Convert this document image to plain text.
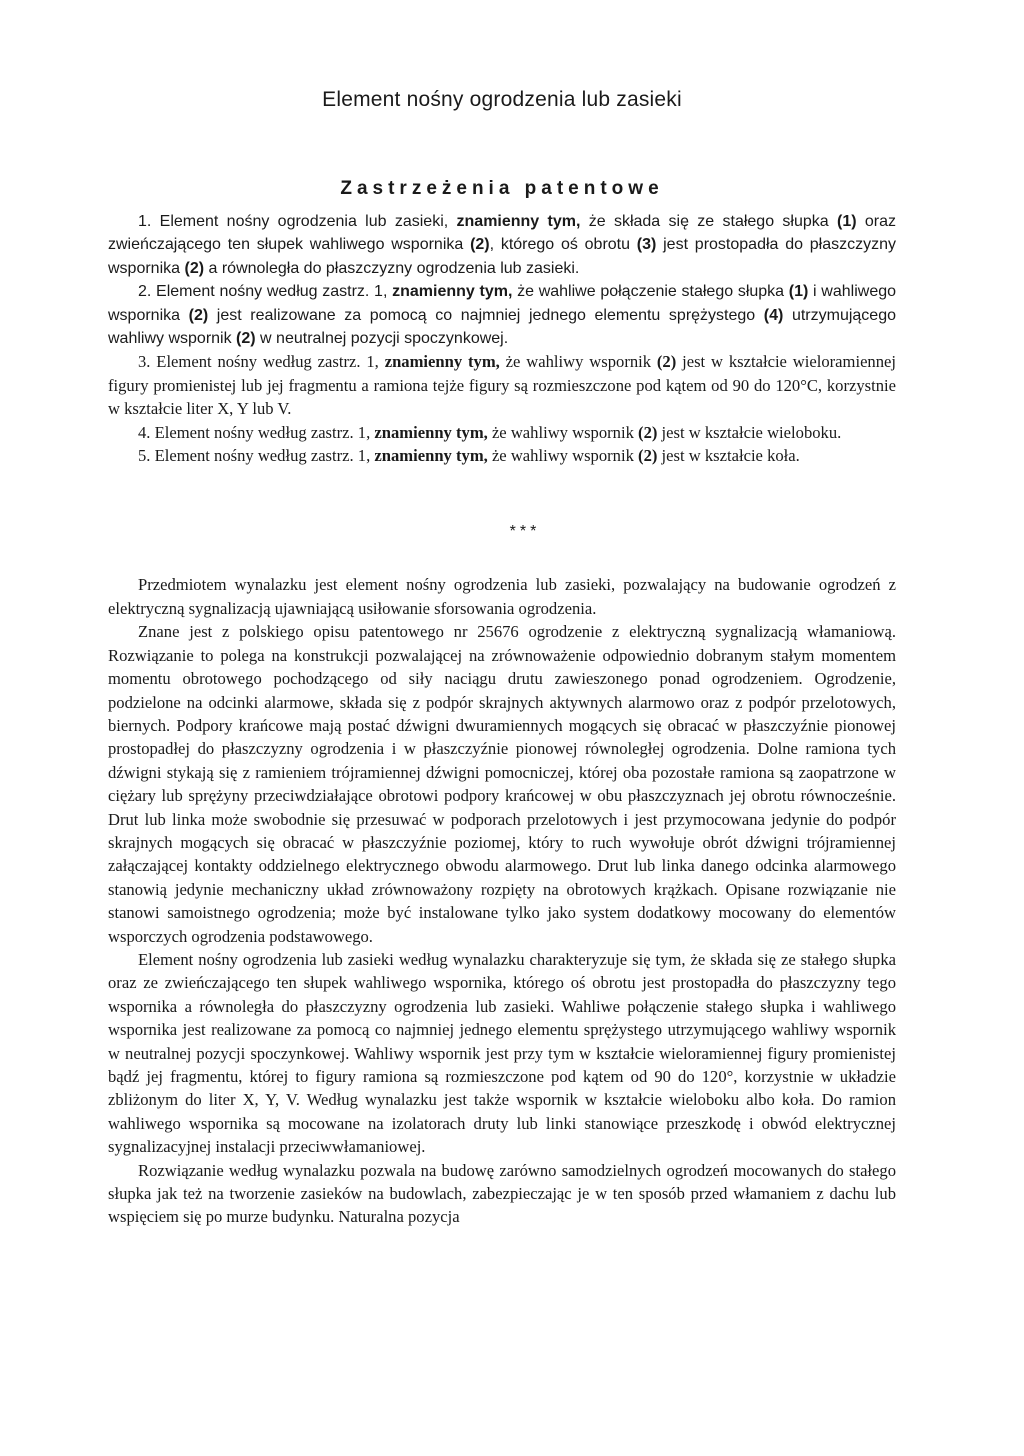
Element nośny ogrodzenia lub zasieki
Zastrzeżenia patentowe

1. Element nośny ogrodzenia lub zasieki, znamienny tym, że składa się ze stałego słupka (1) oraz zwieńczającego ten słupek wahliwego wspornika (2), którego oś obrotu (3) jest prostopadła do płaszczyzny wspornika (2) a równoległa do płaszczyzny ogrodzenia lub zasieki.

2. Element nośny według zastrz. 1, znamienny tym, że wahliwe połączenie stałego słupka (1) i wahliwego wspornika (2) jest realizowane za pomocą co najmniej jednego elementu sprężystego (4) utrzymującego wahliwy wspornik (2) w neutralnej pozycji spoczynkowej.

3. Element nośny według zastrz. 1, znamienny tym, że wahliwy wspornik (2) jest w kształcie wieloramiennej figury promienistej lub jej fragmentu a ramiona tejże figury są rozmieszczone pod kątem od 90 do 120°C, korzystnie w kształcie liter X, Y lub V.

4. Element nośny według zastrz. 1, znamienny tym, że wahliwy wspornik (2) jest w kształcie wieloboku.

5. Element nośny według zastrz. 1, znamienny tym, że wahliwy wspornik (2) jest w kształcie koła.

***

Przedmiotem wynalazku jest element nośny ogrodzenia lub zasieki, pozwalający na budowanie ogrodzeń z elektryczną sygnalizacją ujawniającą usiłowanie sforsowania ogrodzenia.

Znane jest z polskiego opisu patentowego nr 25676 ogrodzenie z elektryczną sygnalizacją włamaniową. Rozwiązanie to polega na konstrukcji pozwalającej na zrównoważenie odpowiednio dobranym stałym momentem momentu obrotowego pochodzącego od siły naciągu drutu zawieszonego ponad ogrodzeniem. Ogrodzenie, podzielone na odcinki alarmowe, składa się z podpór skrajnych aktywnych alarmowo oraz z podpór przelotowych, biernych. Podpory krańcowe mają postać dźwigni dwuramiennych mogących się obracać w płaszczyźnie pionowej prostopadłej do płaszczyzny ogrodzenia i w płaszczyźnie pionowej równoległej ogrodzenia. Dolne ramiona tych dźwigni stykają się z ramieniem trójramiennej dźwigni pomocniczej, której oba pozostałe ramiona są zaopatrzone w ciężary lub sprężyny przeciwdziałające obrotowi podpory krańcowej w obu płaszczyznach jej obrotu równocześnie. Drut lub linka może swobodnie się przesuwać w podporach przelotowych i jest przymocowana jedynie do podpór skrajnych mogących się obracać w płaszczyźnie poziomej, który to ruch wywołuje obrót dźwigni trójramiennej załączającej kontakty oddzielnego elektrycznego obwodu alarmowego. Drut lub linka danego odcinka alarmowego stanowią jedynie mechaniczny układ zrównoważony rozpięty na obrotowych krążkach. Opisane rozwiązanie nie stanowi samoistnego ogrodzenia; może być instalowane tylko jako system dodatkowy mocowany do elementów wsporczych ogrodzenia podstawowego.

Element nośny ogrodzenia lub zasieki według wynalazku charakteryzuje się tym, że składa się ze stałego słupka oraz ze zwieńczającego ten słupek wahliwego wspornika, którego oś obrotu jest prostopadła do płaszczyzny tego wspornika a równoległa do płaszczyzny ogrodzenia lub zasieki. Wahliwe połączenie stałego słupka i wahliwego wspornika jest realizowane za pomocą co najmniej jednego elementu sprężystego utrzymującego wahliwy wspornik w neutralnej pozycji spoczynkowej. Wahliwy wspornik jest przy tym w kształcie wieloramiennej figury promienistej bądź jej fragmentu, której to figury ramiona są rozmieszczone pod kątem od 90 do 120°, korzystnie w układzie zbliżonym do liter X, Y, V. Według wynalazku jest także wspornik w kształcie wieloboku albo koła. Do ramion wahliwego wspornika są mocowane na izolatorach druty lub linki stanowiące przeszkodę i obwód elektrycznej sygnalizacyjnej instalacji przeciwwłamaniowej.

Rozwiązanie według wynalazku pozwala na budowę zarówno samodzielnych ogrodzeń mocowanych do stałego słupka jak też na tworzenie zasieków na budowlach, zabezpieczając je w ten sposób przed włamaniem z dachu lub wspięciem się po murze budynku. Naturalna pozycja
